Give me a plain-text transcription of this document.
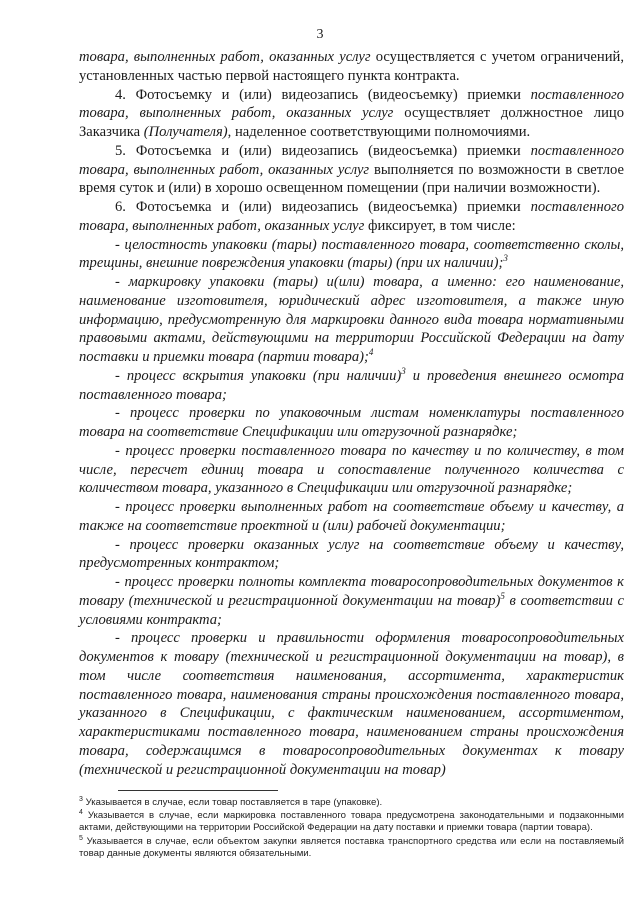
3

товара, выполненных работ, оказанных услуг осуществляется с учетом ограничений, установленных частью первой настоящего пункта контракта.

4. Фотосъемку и (или) видеозапись (видеосъемку) приемки поставленного товара, выполненных работ, оказанных услуг осуществляет должностное лицо Заказчика (Получателя), наделенное соответствующими полномочиями.

5. Фотосъемка и (или) видеозапись (видеосъемка) приемки поставленного товара, выполненных работ, оказанных услуг выполняется по возможности в светлое время суток и (или) в хорошо освещенном помещении (при наличии возможности).

6. Фотосъемка и (или) видеозапись (видеосъемка) приемки поставленного товара, выполненных работ, оказанных услуг фиксирует, в том числе:

- целостность упаковки (тары) поставленного товара, соответственно сколы, трещины, внешние повреждения упаковки (тары) (при их наличии);$^3$

- маркировку упаковки (тары) и(или) товара, а именно: его наименование, наименование изготовителя, юридический адрес изготовителя, а также иную информацию, предусмотренную для маркировки данного вида товара нормативными правовыми актами, действующими на территории Российской Федерации на дату поставки и приемки товара (партии товара);$^4$

- процесс вскрытия упаковки (при наличии)$^3$ и проведения внешнего осмотра поставленного товара;

- процесс проверки по упаковочным листам номенклатуры поставленного товара на соответствие Спецификации или отгрузочной разнарядке;

- процесс проверки поставленного товара по качеству и по количеству, в том числе, пересчет единиц товара и сопоставление полученного количества с количеством товара, указанного в Спецификации или отгрузочной разнарядке;

- процесс проверки выполненных работ на соответствие объему и качеству, а также на соответствие проектной и (или) рабочей документации;

- процесс проверки оказанных услуг на соответствие объему и качеству, предусмотренных контрактом;

- процесс проверки полноты комплекта товаросопроводительных документов к товару (технической и регистрационной документации на товар)$^5$ в соответствии с условиями контракта;

- процесс проверки и правильности оформления товаросопроводительных документов к товару (технической и регистрационной документации на товар), в том числе соответствия наименования, ассортимента, характеристик поставленного товара, наименования страны происхождения поставленного товара, указанного в Спецификации, с фактическим наименованием, ассортиментом, характеристиками поставленного товара, наименованием страны происхождения товара, содержащимся в товаросопроводительных документах к товару (технической и регистрационной документации на товар)

$^3$ Указывается в случае, если товар поставляется в таре (упаковке).

$^4$ Указывается в случае, если маркировка поставленного товара предусмотрена законодательными и подзаконными актами, действующими на территории Российской Федерации на дату поставки и приемки товара (партии товара).

$^5$ Указывается в случае, если объектом закупки является поставка транспортного средства или если на поставляемый товар данные документы являются обязательными.
